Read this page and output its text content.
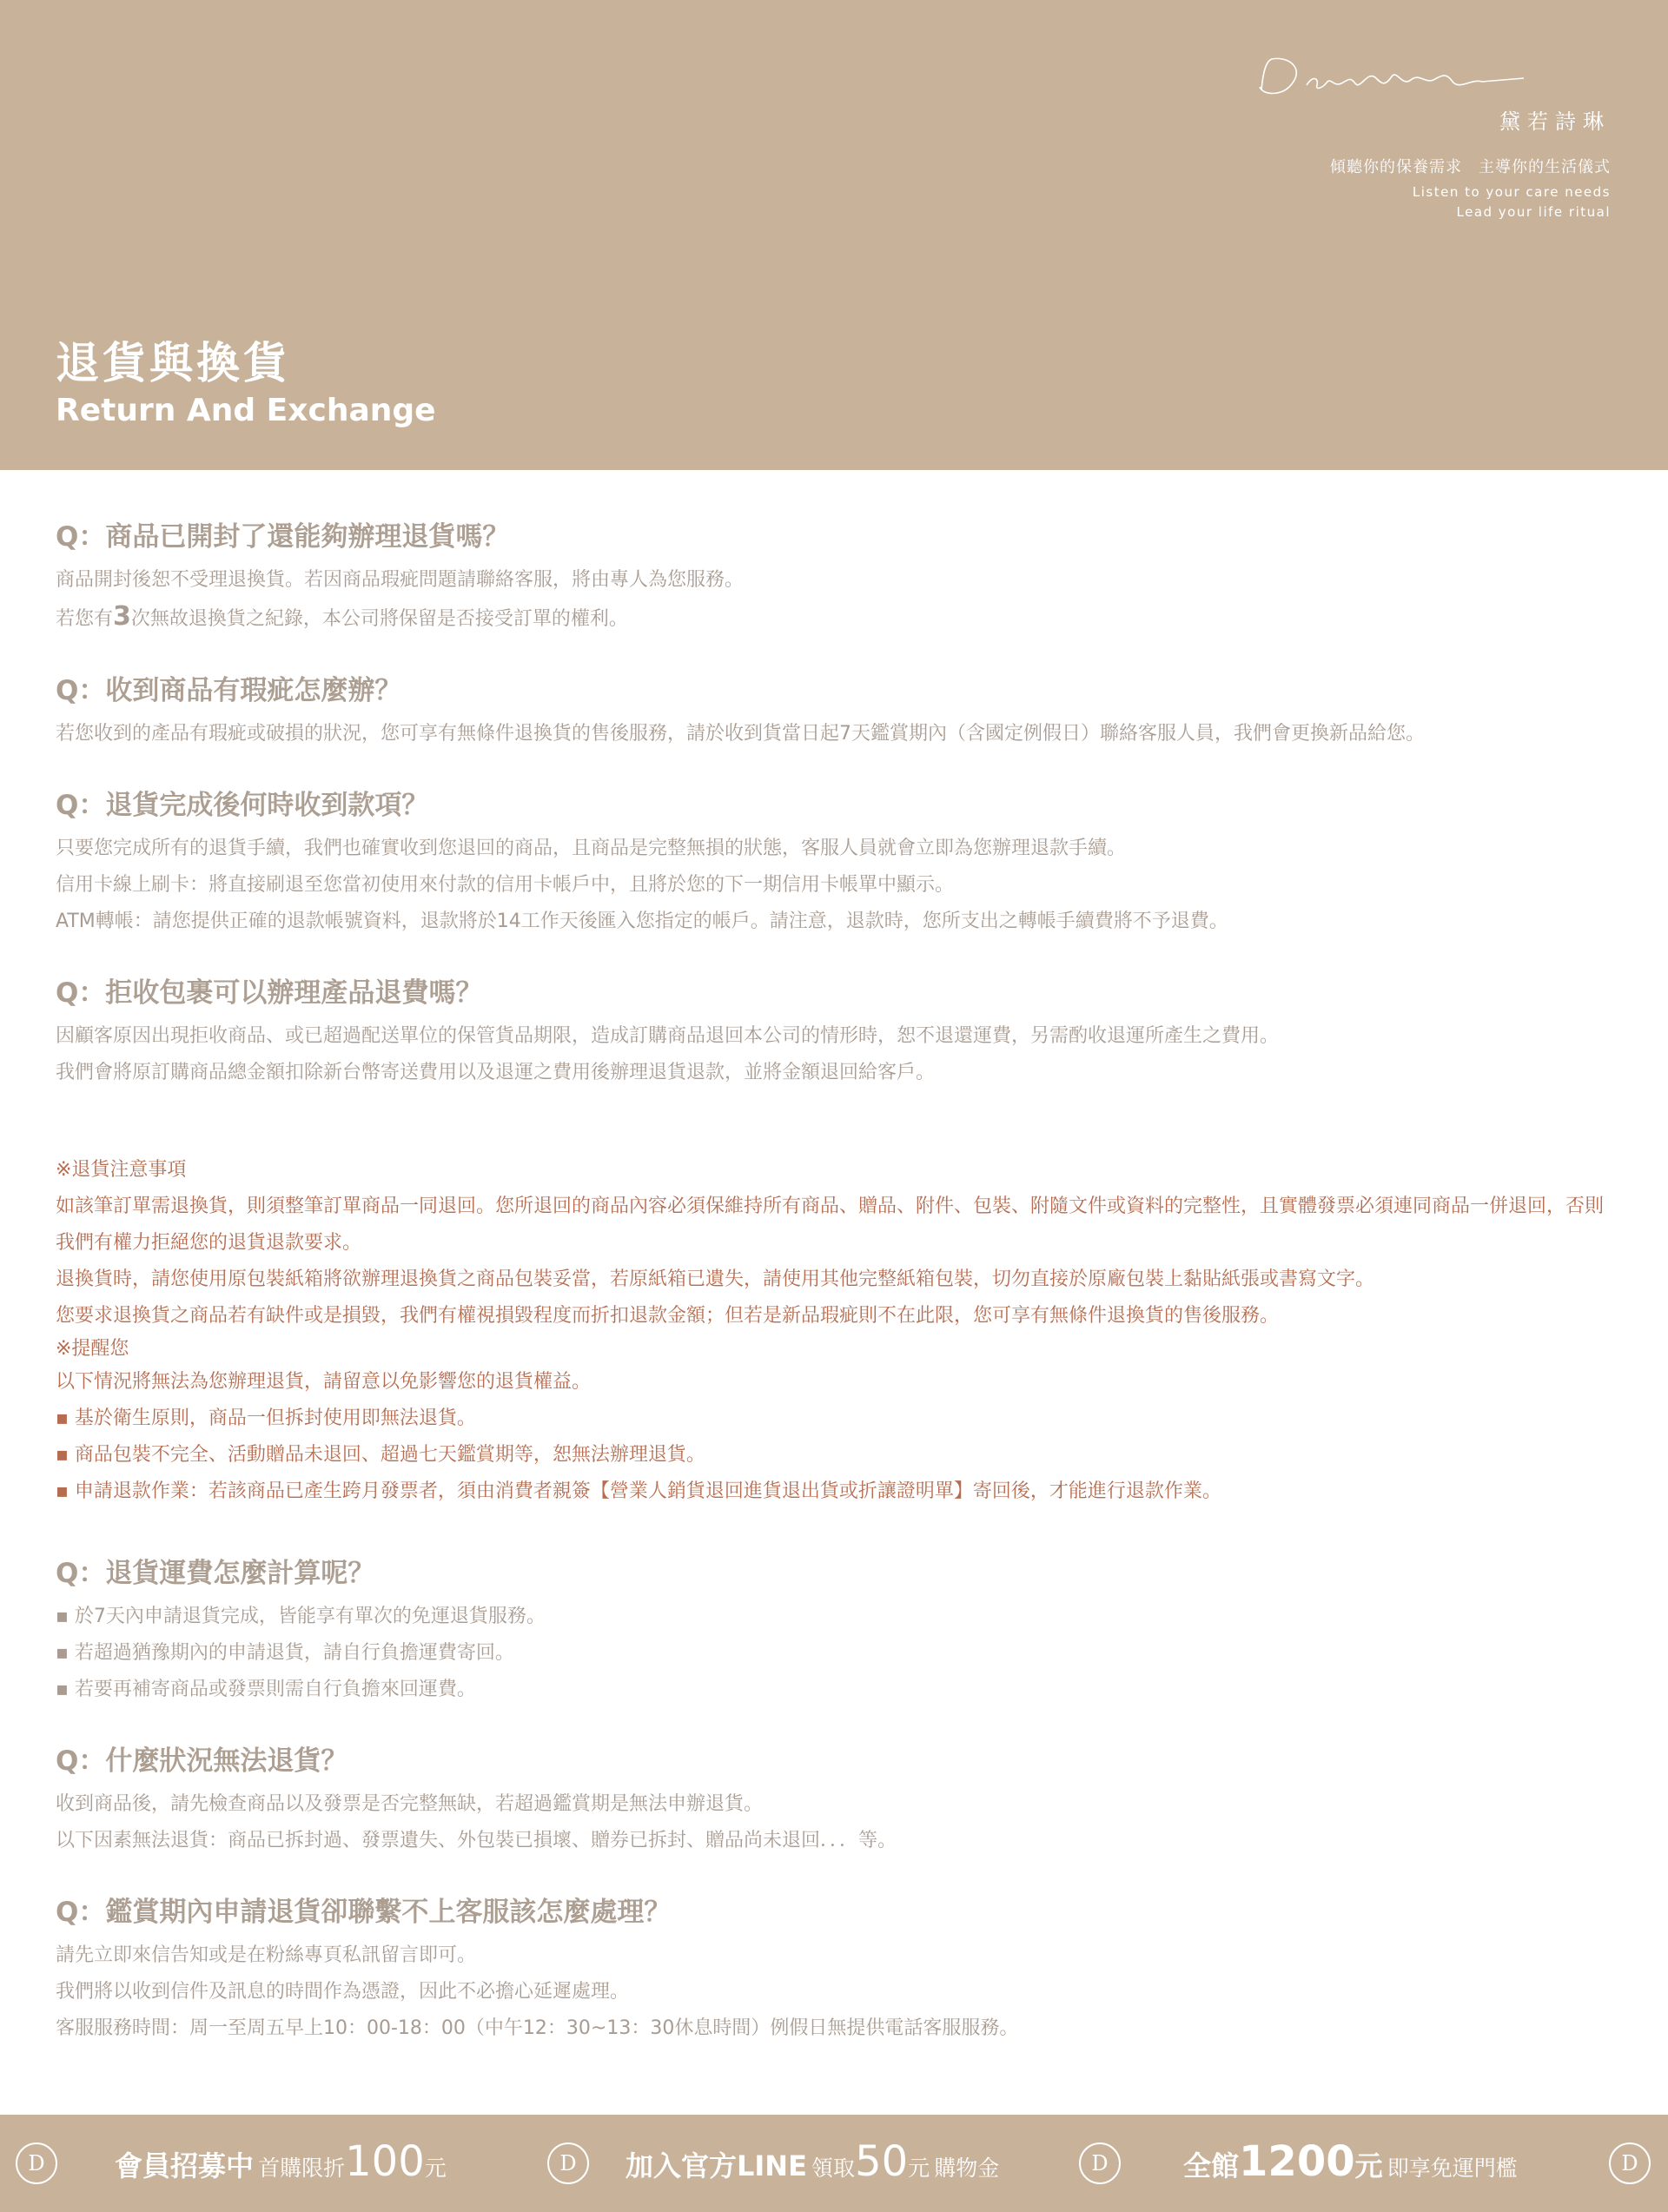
黛若詩琳
傾聽你的保養需求　主導你的生活儀式
Listen to your care needs
Lead your life ritual
退貨與換貨
Return And Exchange
Q：商品已開封了還能夠辦理退貨嗎？

商品開封後恕不受理退換貨。若因商品瑕疵問題請聯絡客服，將由專人為您服務。

若您有3次無故退換貨之紀錄，本公司將保留是否接受訂單的權利。

Q：收到商品有瑕疵怎麼辦？

若您收到的產品有瑕疵或破損的狀況，您可享有無條件退換貨的售後服務，請於收到貨當日起7天鑑賞期內（含國定例假日）聯絡客服人員，我們會更換新品給您。

Q：退貨完成後何時收到款項？

只要您完成所有的退貨手續，我們也確實收到您退回的商品，且商品是完整無損的狀態，客服人員就會立即為您辦理退款手續。

信用卡線上刷卡：將直接刷退至您當初使用來付款的信用卡帳戶中，且將於您的下一期信用卡帳單中顯示。

ATM轉帳：請您提供正確的退款帳號資料，退款將於14工作天後匯入您指定的帳戶。請注意，退款時，您所支出之轉帳手續費將不予退費。

Q：拒收包裹可以辦理產品退費嗎？

因顧客原因出現拒收商品、或已超過配送單位的保管貨品期限，造成訂購商品退回本公司的情形時，恕不退還運費，另需酌收退運所產生之費用。

我們會將原訂購商品總金額扣除新台幣寄送費用以及退運之費用後辦理退貨退款，並將金額退回給客戶。

※退貨注意事項

如該筆訂單需退換貨，則須整筆訂單商品一同退回。您所退回的商品內容必須保維持所有商品、贈品、附件、包裝、附隨文件或資料的完整性，且實體發票必須連同商品一併退回，否則我們有權力拒絕您的退貨退款要求。

退換貨時，請您使用原包裝紙箱將欲辦理退換貨之商品包裝妥當，若原紙箱已遺失，請使用其他完整紙箱包裝，切勿直接於原廠包裝上黏貼紙張或書寫文字。

您要求退換貨之商品若有缺件或是損毀，我們有權視損毀程度而折扣退款金額；但若是新品瑕疵則不在此限，您可享有無條件退換貨的售後服務。

※提醒您

以下情況將無法為您辦理退貨，請留意以免影響您的退貨權益。

▪ 基於衛生原則，商品一但拆封使用即無法退貨。

▪ 商品包裝不完全、活動贈品未退回、超過七天鑑賞期等，恕無法辦理退貨。

▪ 申請退款作業：若該商品已產生跨月發票者，須由消費者親簽【營業人銷貨退回進貨退出貨或折讓證明單】寄回後，才能進行退款作業。

Q：退貨運費怎麼計算呢？

▪ 於7天內申請退貨完成，皆能享有單次的免運退貨服務。

▪ 若超過猶豫期內的申請退貨，請自行負擔運費寄回。

▪ 若要再補寄商品或發票則需自行負擔來回運費。

Q：什麼狀況無法退貨？

收到商品後，請先檢查商品以及發票是否完整無缺，若超過鑑賞期是無法申辦退貨。

以下因素無法退貨：商品已拆封過、發票遺失、外包裝已損壞、贈券已拆封、贈品尚未退回．．．等。

Q：鑑賞期內申請退貨卻聯繫不上客服該怎麼處理？

請先立即來信告知或是在粉絲專頁私訊留言即可。

我們將以收到信件及訊息的時間作為憑證，因此不必擔心延遲處理。

客服服務時間：周一至周五早上10：00-18：00（中午12：30~13：30休息時間）例假日無提供電話客服服務。

D	會員招募中 首購限折100元	D	加入官方LINE 領取50元 購物金	D	全館1200元 即享免運門檻	D
